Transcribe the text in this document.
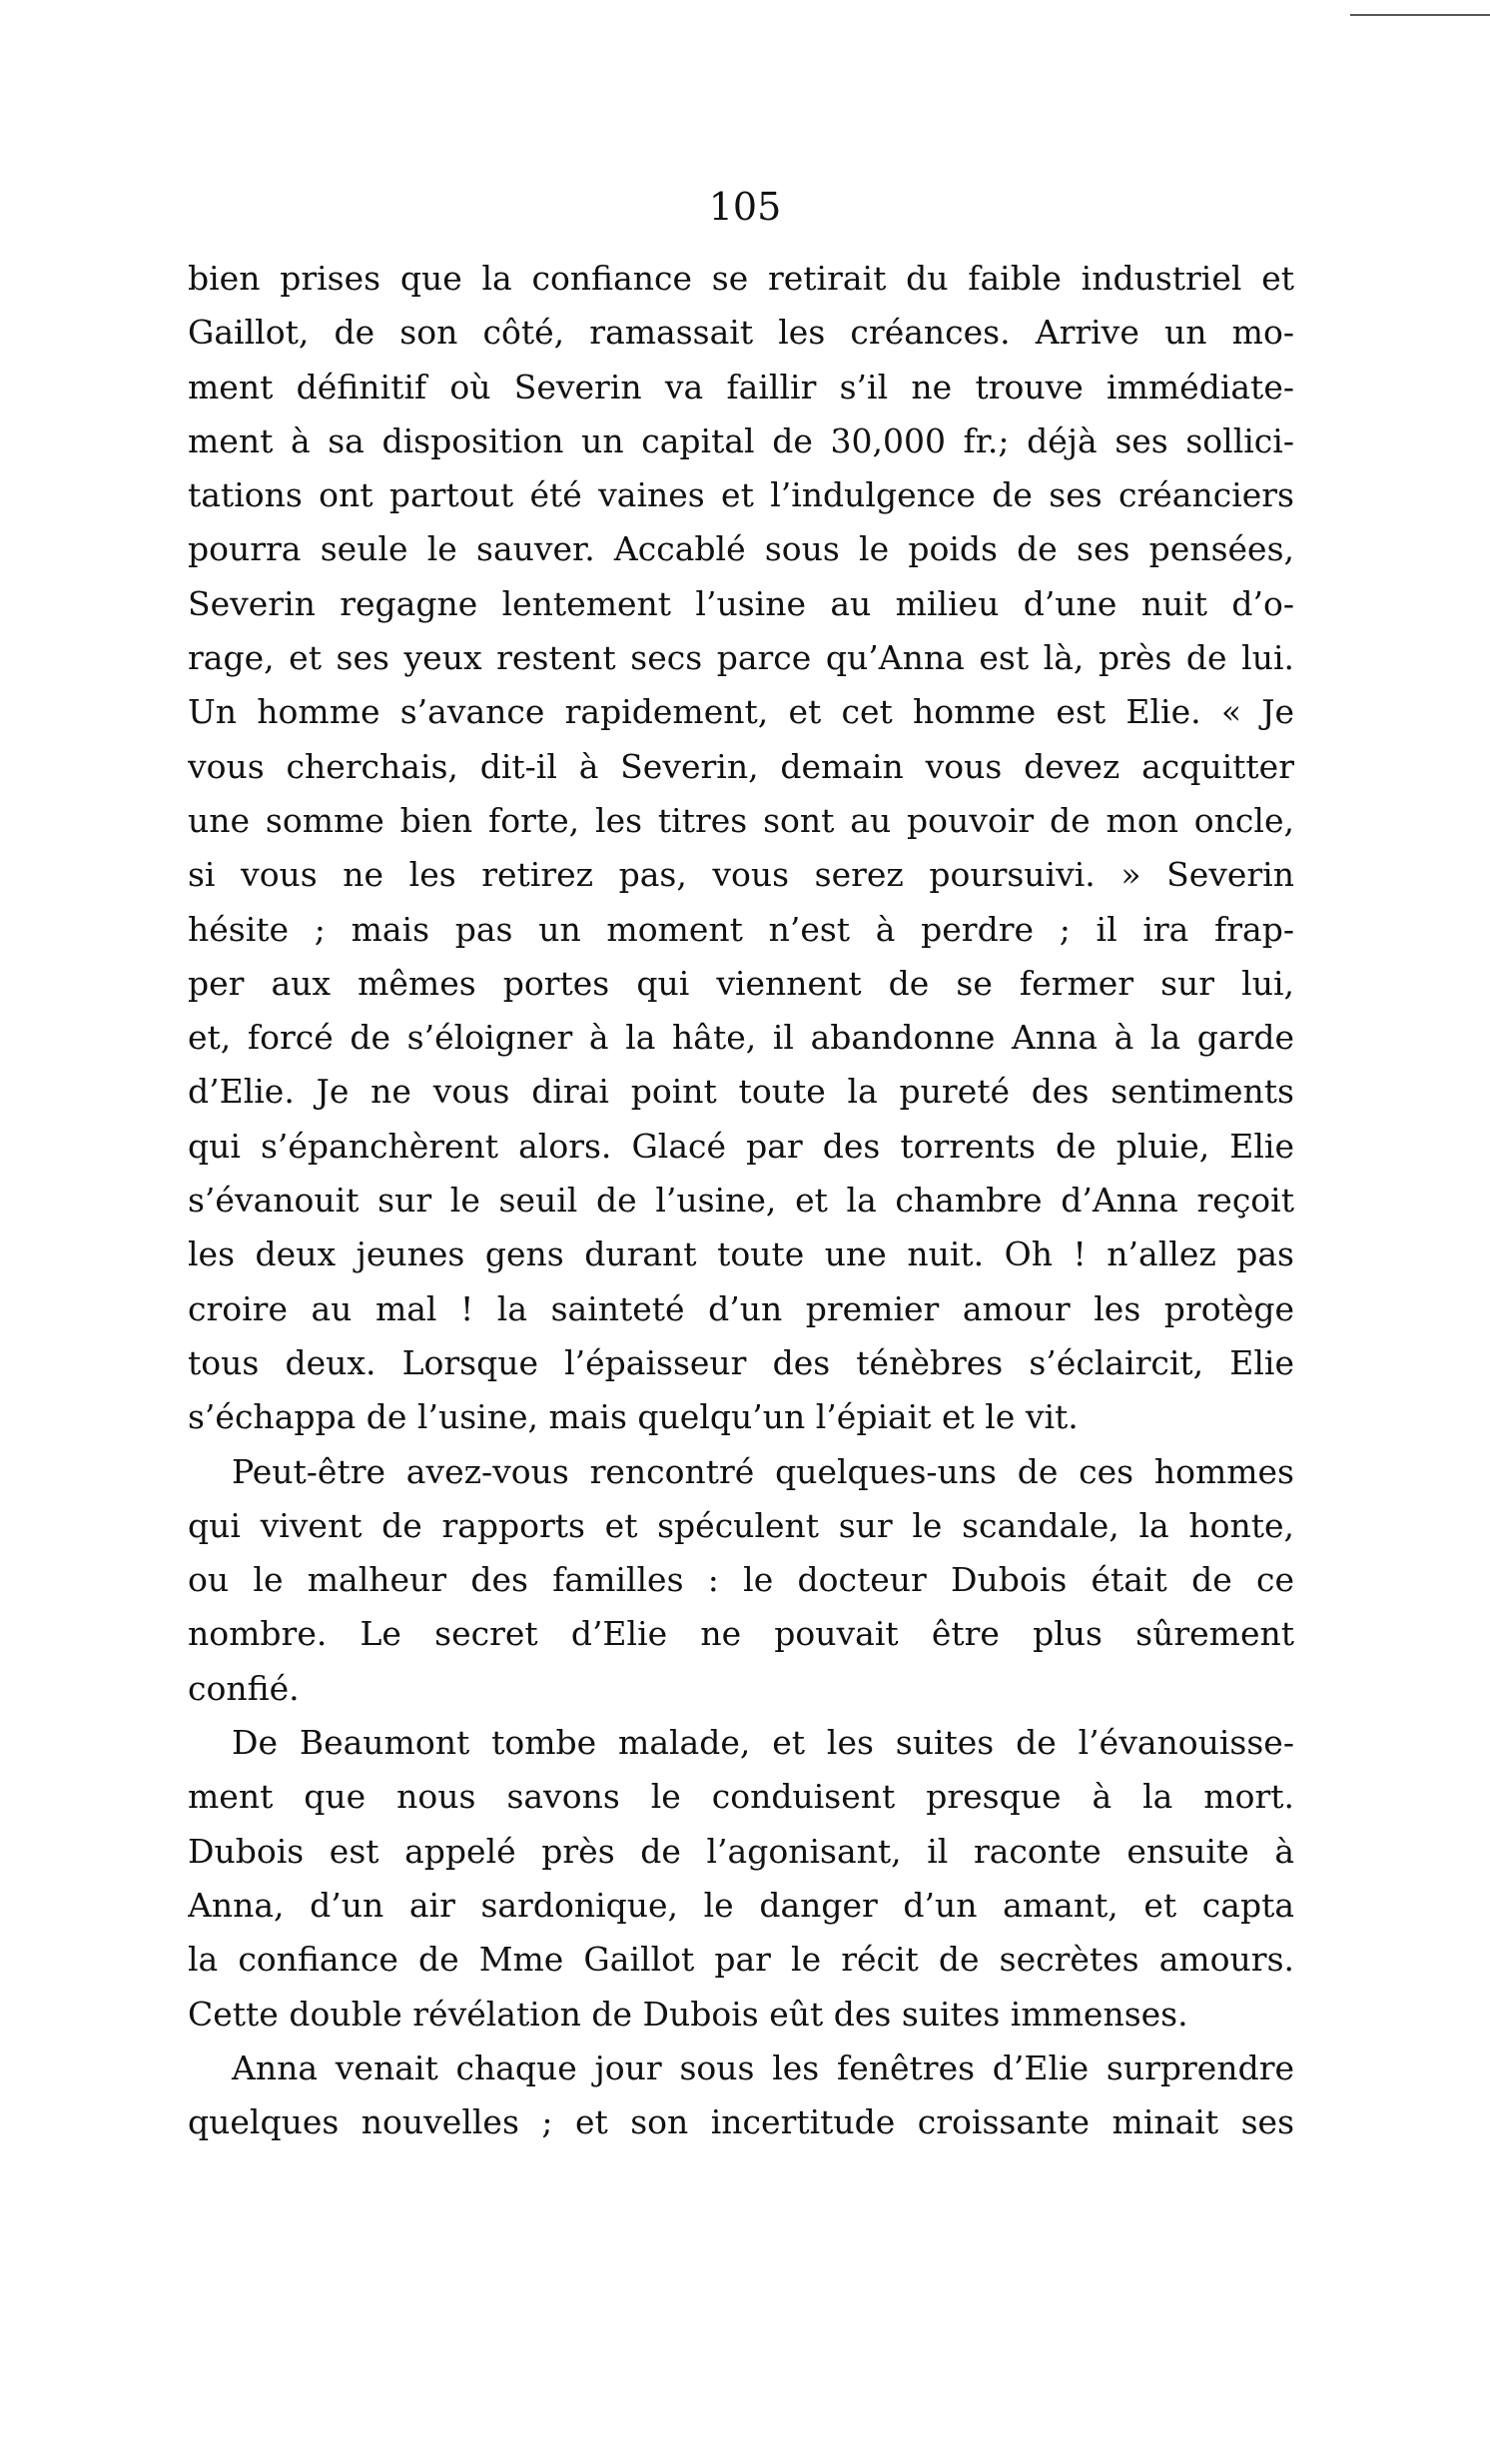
105
bien prises que la confiance se retirait du faible industriel et
Gaillot, de son côté, ramassait les créances. Arrive un mo-
ment définitif où Severin va faillir s’il ne trouve immédiate-
ment à sa disposition un capital de 30,000 fr.; déjà ses sollici-
tations ont partout été vaines et l’indulgence de ses créanciers
pourra seule le sauver. Accablé sous le poids de ses pensées,
Severin regagne lentement l’usine au milieu d’une nuit d’o-
rage, et ses yeux restent secs parce qu’Anna est là, près de lui.
Un homme s’avance rapidement, et cet homme est Elie. « Je
vous cherchais, dit-il à Severin, demain vous devez acquitter
une somme bien forte, les titres sont au pouvoir de mon oncle,
si vous ne les retirez pas, vous serez poursuivi. » Severin
hésite ; mais pas un moment n’est à perdre ; il ira frap-
per aux mêmes portes qui viennent de se fermer sur lui,
et, forcé de s’éloigner à la hâte, il abandonne Anna à la garde
d’Elie. Je ne vous dirai point toute la pureté des sentiments
qui s’épanchèrent alors. Glacé par des torrents de pluie, Elie
s’évanouit sur le seuil de l’usine, et la chambre d’Anna reçoit
les deux jeunes gens durant toute une nuit. Oh ! n’allez pas
croire au mal ! la sainteté d’un premier amour les protège
tous deux. Lorsque l’épaisseur des ténèbres s’éclaircit, Elie
s’échappa de l’usine, mais quelqu’un l’épiait et le vit.
Peut-être avez-vous rencontré quelques-uns de ces hommes
qui vivent de rapports et spéculent sur le scandale, la honte,
ou le malheur des familles : le docteur Dubois était de ce
nombre. Le secret d’Elie ne pouvait être plus sûrement
confié.
De Beaumont tombe malade, et les suites de l’évanouisse-
ment que nous savons le conduisent presque à la mort.
Dubois est appelé près de l’agonisant, il raconte ensuite à
Anna, d’un air sardonique, le danger d’un amant, et capta
la confiance de Mme Gaillot par le récit de secrètes amours.
Cette double révélation de Dubois eût des suites immenses.
Anna venait chaque jour sous les fenêtres d’Elie surprendre
quelques nouvelles ; et son incertitude croissante minait ses
